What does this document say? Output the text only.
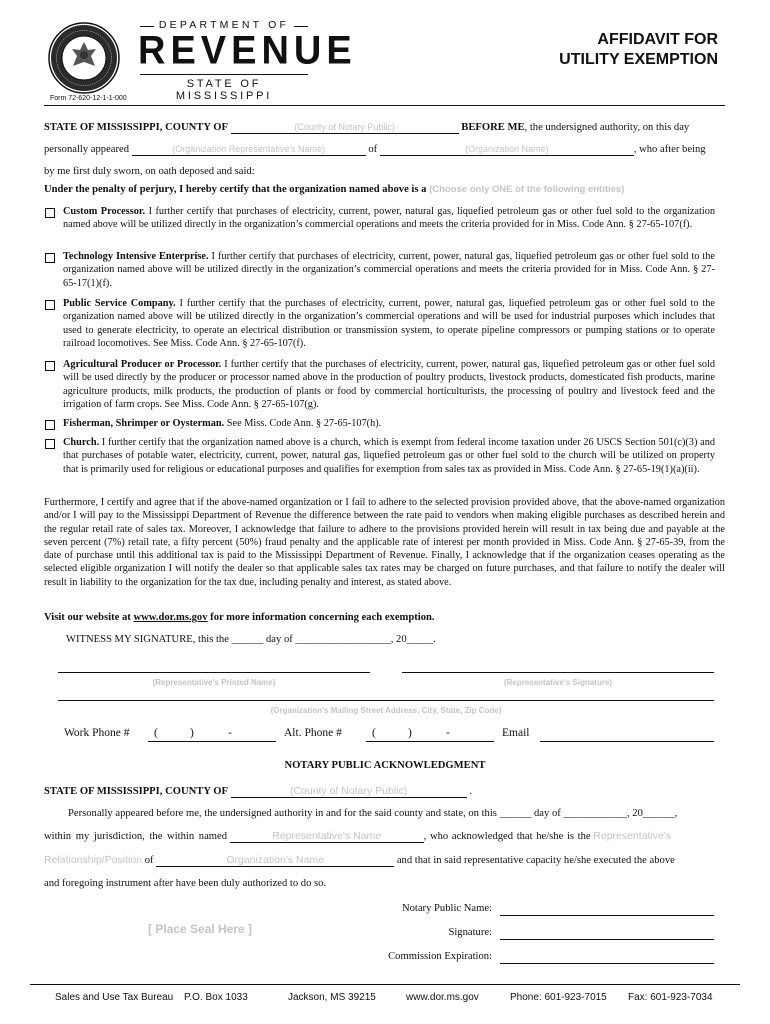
DEPARTMENT OF
REVENUE
STATE OF MISSISSIPPI
Form 72-620-12-1-1-000
AFFIDAVIT FOR
UTILITY EXEMPTION
STATE OF MISSISSIPPI, COUNTY OF	(County of Notary Public)	BEFORE ME, the undersigned authority, on this day
personally appeared	(Organization Representative's Name)	of	(Organization Name)	, who after being
by me first duly sworn, on oath deposed and said:
Under the penalty of perjury, I hereby certify that the organization named above is a (Choose only ONE of the following entities)
Custom Processor. I further certify that purchases of electricity, current, power, natural gas, liquefied petroleum gas or other fuel sold to the organization named above will be utilized directly in the organization’s commercial operations and meets the criteria provided for in Miss. Code Ann. § 27-65-107(f).
Technology Intensive Enterprise. I further certify that purchases of electricity, current, power, natural gas, liquefied petroleum gas or other fuel sold to the organization named above will be utilized directly in the organization’s commercial operations and meets the criteria provided for in Miss. Code Ann. § 27-65-17(1)(f).
Public Service Company. I further certify that the purchases of electricity, current, power, natural gas, liquefied petroleum gas or other fuel sold to the organization named above will be utilized directly in the organization’s commercial operations and will be used for industrial purposes which includes that used to generate electricity, to operate an electrical distribution or transmission system, to operate pipeline compressors or pumping stations or to operate railroad locomotives. See Miss. Code Ann. § 27-65-107(f).
Agricultural Producer or Processor. I further certify that the purchases of electricity, current, power, natural gas, liquefied petroleum gas or other fuel sold will be used directly by the producer or processor named above in the production of poultry products, livestock products, domesticated fish products, marine agriculture products, milk products, the production of plants or food by commercial horticulturists, the processing of poultry and livestock feed and the irrigation of farm crops. See Miss. Code Ann. § 27-65-107(g).
Fisherman, Shrimper or Oysterman. See Miss. Code Ann. § 27-65-107(h).
Church. I further certify that the organization named above is a church, which is exempt from federal income taxation under 26 USCS Section 501(c)(3) and that purchases of potable water, electricity, current, power, natural gas, liquefied petroleum gas or other fuel sold to the church will be utilized on property that is primarily used for religious or educational purposes and qualifies for exemption from sales tax as provided in Miss. Code Ann. § 27-65-19(1)(a)(ii).
Furthermore, I certify and agree that if the above-named organization or I fail to adhere to the selected provision provided above, that the above-named organization and/or I will pay to the Mississippi Department of Revenue the difference between the rate paid to vendors when making eligible purchases as described herein and the regular retail rate of sales tax. Moreover, I acknowledge that failure to adhere to the provisions provided herein will result in tax being due and payable at the seven percent (7%) retail rate, a fifty percent (50%) fraud penalty and the applicable rate of interest per month provided in Miss. Code Ann. § 27-65-39, from the date of purchase until this additional tax is paid to the Mississippi Department of Revenue. Finally, I acknowledge that if the organization ceases operating as the selected eligible organization I will notify the dealer so that applicable sales tax rates may be charged on future purchases, and that failure to notify the dealer will result in liability to the organization for the tax due, including penalty and interest, as stated above.
Visit our website at www.dor.ms.gov for more information concerning each exemption.
WITNESS MY SIGNATURE, this the ______ day of __________________, 20_____.
(Representative's Printed Name)	(Representative's Signature)
(Organization's Mailing Street Address, City, State, Zip Code)
Work Phone # (	)	-	Alt. Phone #	(	)	-	Email
NOTARY PUBLIC ACKNOWLEDGMENT
STATE OF MISSISSIPPI, COUNTY OF	(County of Notary Public)	.
Personally appeared before me, the undersigned authority in and for the said county and state, on this ______ day of ____________, 20______,
within my jurisdiction, the within named	Representative's Name	, who acknowledged that he/she is the Representative's
Relationship/Position of	Organization's Name	and that in said representative capacity he/she executed the above
and foregoing instrument after have been duly authorized to do so.
[ Place Seal Here ]
Notary Public Name:
Signature:
Commission Expiration:
Sales and Use Tax Bureau P.O. Box 1033	Jackson, MS 39215	www.dor.ms.gov	Phone: 601-923-7015 Fax: 601-923-7034
